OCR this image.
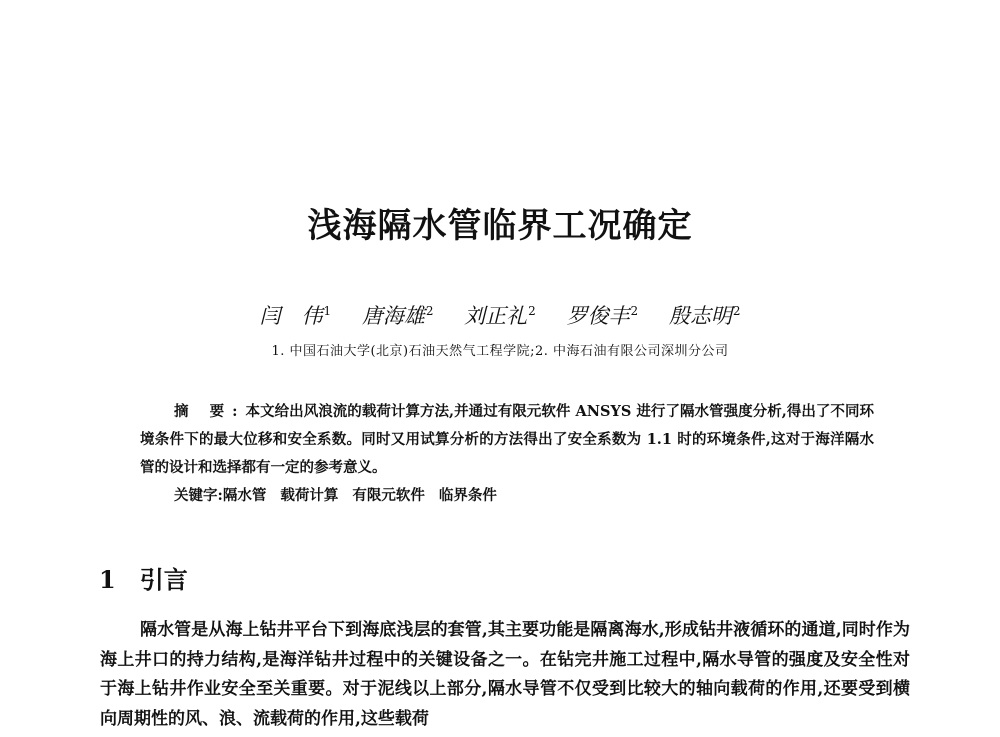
浅海隔水管临界工况确定
闫　伟$^1$ 唐海雄$^2$ 刘正礼$^2$ 罗俊丰$^2$ 殷志明$^2$
1. 中国石油大学(北京)石油天然气工程学院;2. 中海石油有限公司深圳分公司

摘 要:本文给出风浪流的载荷计算方法,并通过有限元软件 ANSYS 进行了隔水管强度分析,得出了不同环境条件下的最大位移和安全系数。同时又用试算分析的方法得出了安全系数为 1.1 时的环境条件,这对于海洋隔水管的设计和选择都有一定的参考意义。

关键字:隔水管 载荷计算 有限元软件 临界条件
1 引言

隔水管是从海上钻井平台下到海底浅层的套管,其主要功能是隔离海水,形成钻井液循环的通道,同时作为海上井口的持力结构,是海洋钻井过程中的关键设备之一。在钻完井施工过程中,隔水导管的强度及安全性对于海上钻井作业安全至关重要。对于泥线以上部分,隔水导管不仅受到比较大的轴向载荷的作用,还要受到横向周期性的风、浪、流载荷的作用,这些载荷
